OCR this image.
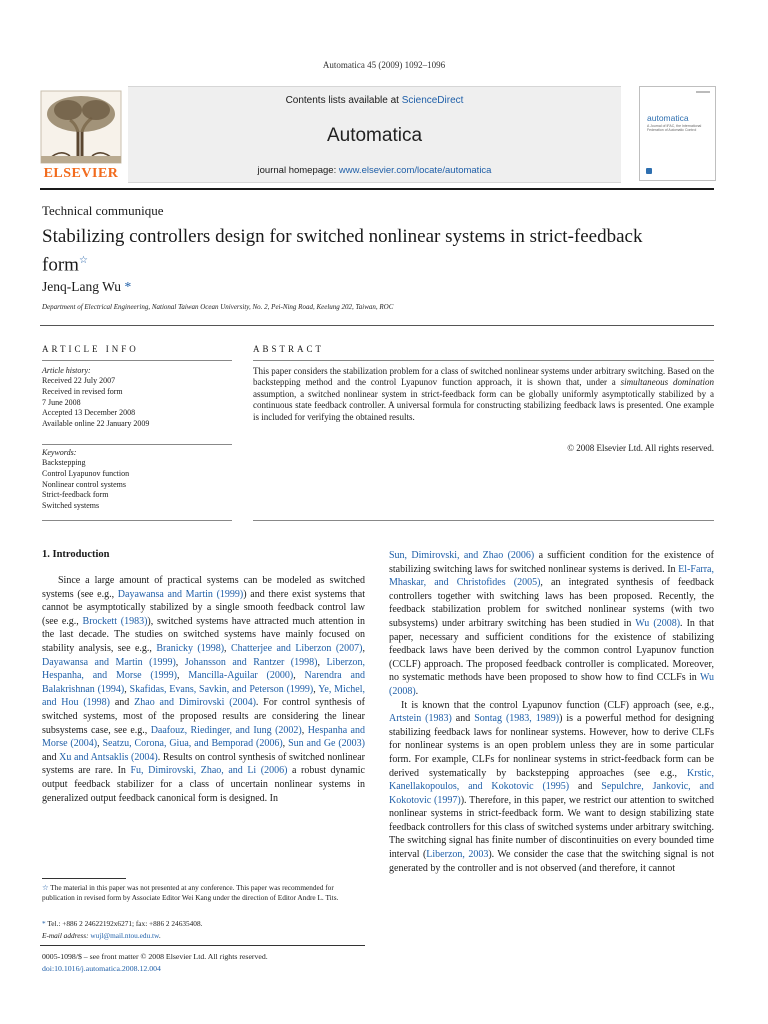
Automatica 45 (2009) 1092–1096
ELSEVIER
Contents lists available at ScienceDirect
Automatica
journal homepage: www.elsevier.com/locate/automatica
automatica
A Journal of IFAC, the International Federation of Automatic Control
Technical communique
Stabilizing controllers design for switched nonlinear systems in strict-feedback form☆
Jenq-Lang Wu *
Department of Electrical Engineering, National Taiwan Ocean University, No. 2, Pei-Ning Road, Keelung 202, Taiwan, ROC
ARTICLE INFO
Article history:
Received 22 July 2007
Received in revised form
7 June 2008
Accepted 13 December 2008
Available online 22 January 2009
Keywords:
Backstepping
Control Lyapunov function
Nonlinear control systems
Strict-feedback form
Switched systems
ABSTRACT
This paper considers the stabilization problem for a class of switched nonlinear systems under arbitrary switching. Based on the backstepping method and the control Lyapunov function approach, it is shown that, under a simultaneous domination assumption, a switched nonlinear system in strict-feedback form can be globally uniformly asymptotically stabilized by a continuous state feedback controller. A universal formula for constructing stabilizing feedback laws is presented. One example is included for verifying the obtained results.
© 2008 Elsevier Ltd. All rights reserved.
1. Introduction
Since a large amount of practical systems can be modeled as switched systems (see e.g., Dayawansa and Martin (1999)) and there exist systems that cannot be asymptotically stabilized by a single smooth feedback control law (see e.g., Brockett (1983)), switched systems have attracted much attention in the last decade. The studies on switched systems have mainly focused on stability analysis, see e.g., Branicky (1998), Chatterjee and Liberzon (2007), Dayawansa and Martin (1999), Johansson and Rantzer (1998), Liberzon, Hespanha, and Morse (1999), Mancilla-Aguilar (2000), Narendra and Balakrishnan (1994), Skafidas, Evans, Savkin, and Peterson (1999), Ye, Michel, and Hou (1998) and Zhao and Dimirovski (2004). For control synthesis of switched systems, most of the proposed results are considering the linear subsystems case, see e.g., Daafouz, Riedinger, and Iung (2002), Hespanha and Morse (2004), Seatzu, Corona, Giua, and Bemporad (2006), Sun and Ge (2003) and Xu and Antsaklis (2004). Results on control synthesis of switched nonlinear systems are rare. In Fu, Dimirovski, Zhao, and Li (2006) a robust dynamic output feedback stabilizer for a class of uncertain nonlinear systems in generalized output feedback canonical form is designed. In

Sun, Dimirovski, and Zhao (2006) a sufficient condition for the existence of stabilizing switching laws for switched nonlinear systems is derived. In El-Farra, Mhaskar, and Christofides (2005), an integrated synthesis of feedback controllers together with switching laws has been proposed. Recently, the feedback stabilization problem for switched nonlinear systems (with two subsystems) under arbitrary switching has been studied in Wu (2008). In that paper, necessary and sufficient conditions for the existence of stabilizing feedback laws have been derived by the common control Lyapunov function (CCLF) approach. The proposed feedback controller is complicated. Moreover, no systematic methods have been proposed to show how to find CCLFs in Wu (2008).

It is known that the control Lyapunov function (CLF) approach (see, e.g., Artstein (1983) and Sontag (1983, 1989)) is a powerful method for designing stabilizing feedback laws for nonlinear systems. However, how to derive CLFs for nonlinear systems is an open problem unless they are in some particular form. For example, CLFs for nonlinear systems in strict-feedback form can be derived systematically by backstepping approaches (see e.g., Krstic, Kanellakopoulos, and Kokotovic (1995) and Sepulchre, Jankovic, and Kokotovic (1997)). Therefore, in this paper, we restrict our attention to switched nonlinear systems in strict-feedback form. We want to design stabilizing state feedback controllers for this class of switched systems under arbitrary switching. The switching signal has finite number of discontinuities on every bounded time interval (Liberzon, 2003). We consider the case that the switching signal is not generated by the controller and is not observed (and therefore, it cannot

☆ The material in this paper was not presented at any conference. This paper was recommended for publication in revised form by Associate Editor Wei Kang under the direction of Editor Andre L. Tits.
* Tel.: +886 2 24622192x6271; fax: +886 2 24635408.
E-mail address: wujl@mail.ntou.edu.tw.
0005-1098/$ – see front matter © 2008 Elsevier Ltd. All rights reserved.
doi:10.1016/j.automatica.2008.12.004
